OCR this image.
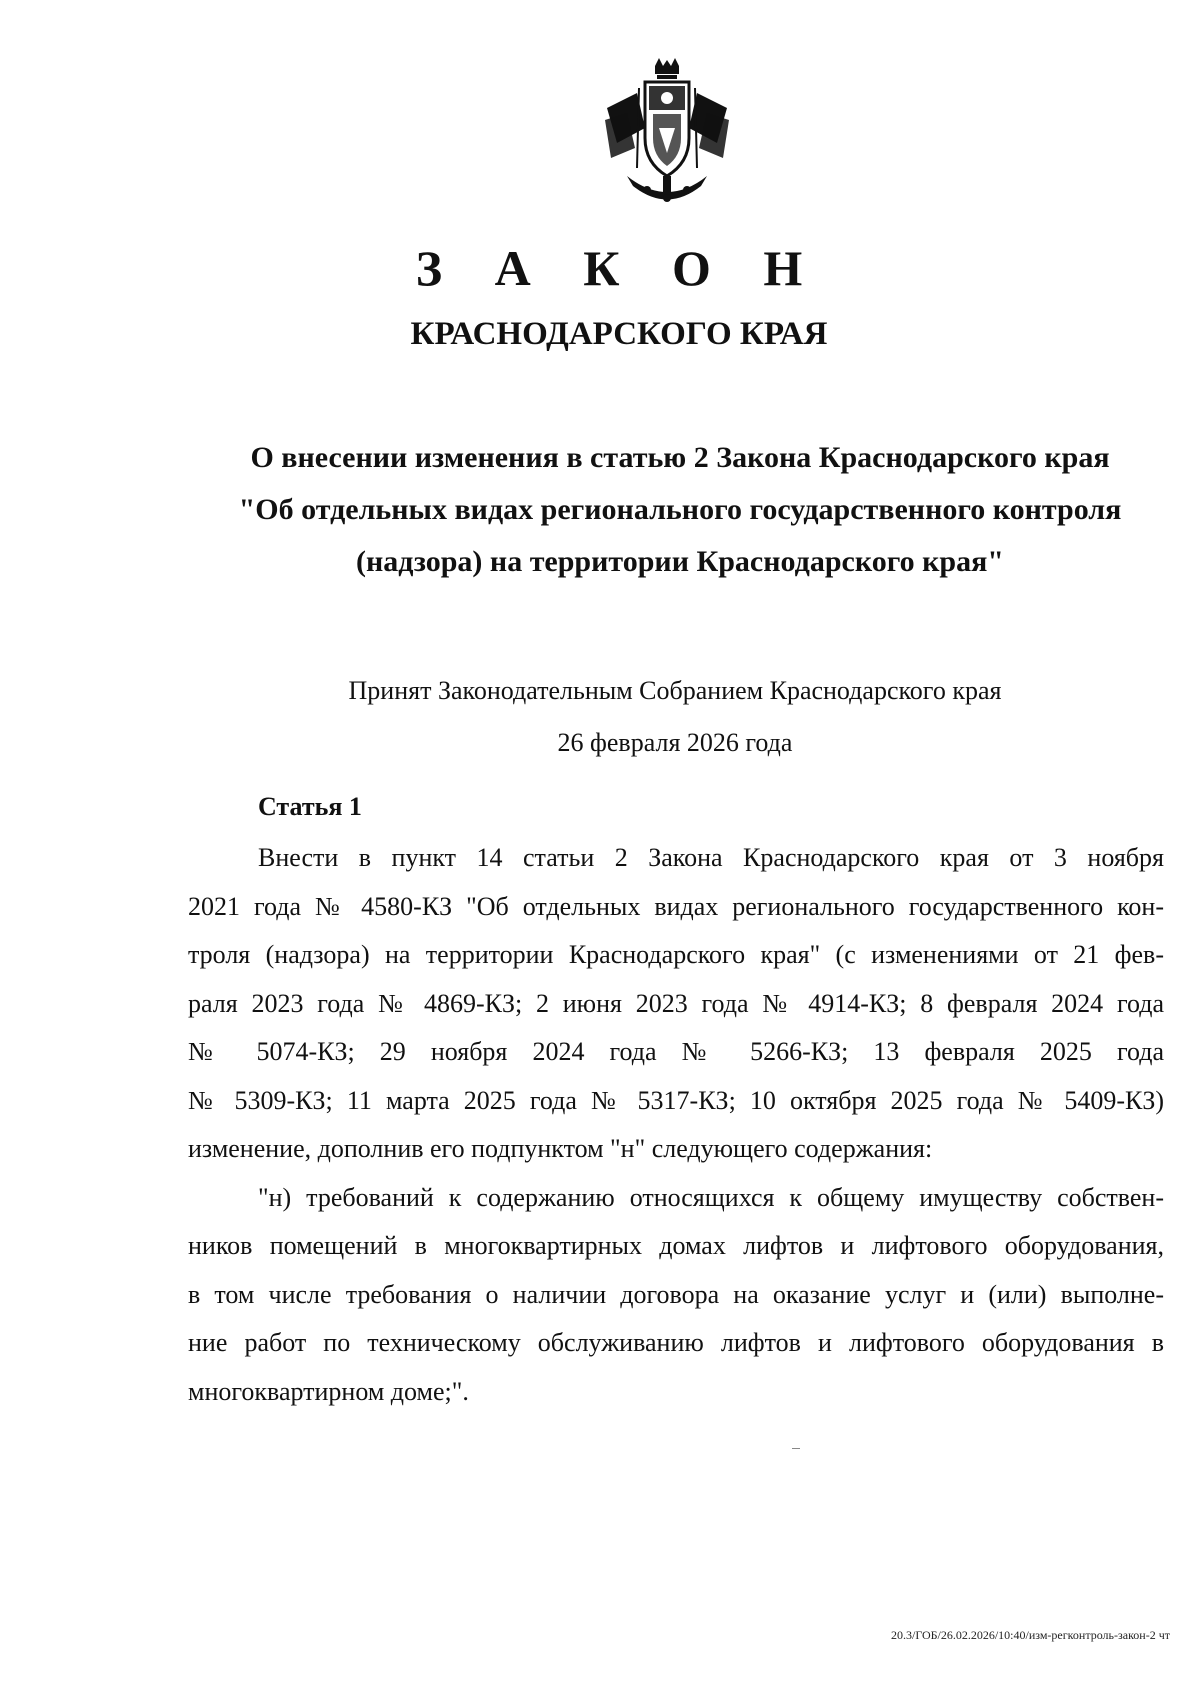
З А К О Н
КРАСНОДАРСКОГО КРАЯ
О внесении изменения в статью 2 Закона Краснодарского края
"Об отдельных видах регионального государственного контроля
(надзора) на территории Краснодарского края"
Принят Законодательным Собранием Краснодарского края
26 февраля 2026 года
Статья 1
Внести в пункт 14 статьи 2 Закона Краснодарского края от 3 ноября
2021 года № 4580-КЗ "Об отдельных видах регионального государственного кон-
троля (надзора) на территории Краснодарского края" (с изменениями от 21 фев-
раля 2023 года № 4869-КЗ; 2 июня 2023 года № 4914-КЗ; 8 февраля 2024 года
№ 5074-КЗ; 29 ноября 2024 года № 5266-КЗ; 13 февраля 2025 года
№ 5309-КЗ; 11 марта 2025 года № 5317-КЗ; 10 октября 2025 года № 5409-КЗ)
изменение, дополнив его подпунктом "н" следующего содержания:
"н) требований к содержанию относящихся к общему имуществу собствен-
ников помещений в многоквартирных домах лифтов и лифтового оборудования,
в том числе требования о наличии договора на оказание услуг и (или) выполне-
ние работ по техническому обслуживанию лифтов и лифтового оборудования в
многоквартирном доме;".
20.3/ГОБ/26.02.2026/10:40/изм-регконтроль-закон-2 чт
